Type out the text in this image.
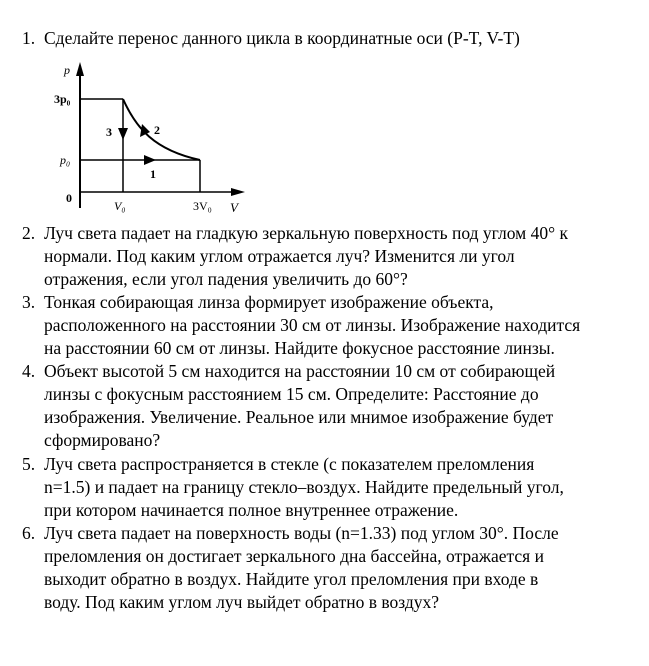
1. Сделайте перенос данного цикла в координатные оси (P-T, V-T)
p
3p₀
p₀
0
V₀	3V₀ V
1
2
3
2. Луч света падает на гладкую зеркальную поверхность под углом 40° к
нормали. Под каким углом отражается луч? Изменится ли угол
отражения, если угол падения увеличить до 60°?
3. Тонкая собирающая линза формирует изображение объекта,
расположенного на расстоянии 30 см от линзы. Изображение находится
на расстоянии 60 см от линзы. Найдите фокусное расстояние линзы.
4. Объект высотой 5 см находится на расстоянии 10 см от собирающей
линзы с фокусным расстоянием 15 см. Определите: Расстояние до
изображения. Увеличение. Реальное или мнимое изображение будет
сформировано?
5. Луч света распространяется в стекле (с показателем преломления
n=1.5) и падает на границу стекло–воздух. Найдите предельный угол,
при котором начинается полное внутреннее отражение.
6. Луч света падает на поверхность воды (n=1.33) под углом 30°. После
преломления он достигает зеркального дна бассейна, отражается и
выходит обратно в воздух. Найдите угол преломления при входе в
воду. Под каким углом луч выйдет обратно в воздух?
